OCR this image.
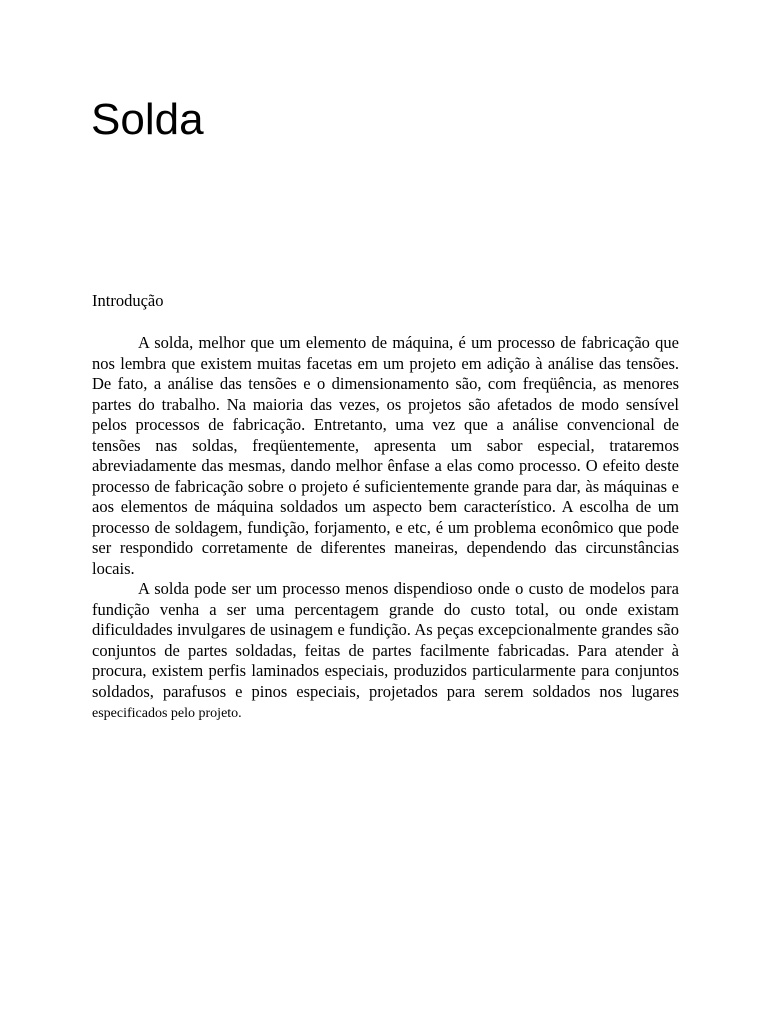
Solda
Introdução

A solda, melhor que um elemento de máquina, é um processo de fabricação que nos lembra que existem muitas facetas em um projeto em adição à análise das tensões. De fato, a análise das tensões e o dimensionamento são, com freqüência, as menores partes do trabalho. Na maioria das vezes, os projetos são afetados de modo sensível pelos processos de fabricação. Entretanto, uma vez que a análise convencional de tensões nas soldas, freqüentemente, apresenta um sabor especial, trataremos abreviadamente das mesmas, dando melhor ênfase a elas como processo. O efeito deste processo de fabricação sobre o projeto é suficientemente grande para dar, às máquinas e aos elementos de máquina soldados um aspecto bem característico. A escolha de um processo de soldagem, fundição, forjamento, e etc, é um problema econômico que pode ser respondido corretamente de diferentes maneiras, dependendo das circunstâncias locais.

A solda pode ser um processo menos dispendioso onde o custo de modelos para fundição venha a ser uma percentagem grande do custo total, ou onde existam dificuldades invulgares de usinagem e fundição. As peças excepcionalmente grandes são conjuntos de partes soldadas, feitas de partes facilmente fabricadas. Para atender à procura, existem perfis laminados especiais, produzidos particularmente para conjuntos soldados, parafusos e pinos especiais, projetados para serem soldados nos lugares especificados pelo projeto.
